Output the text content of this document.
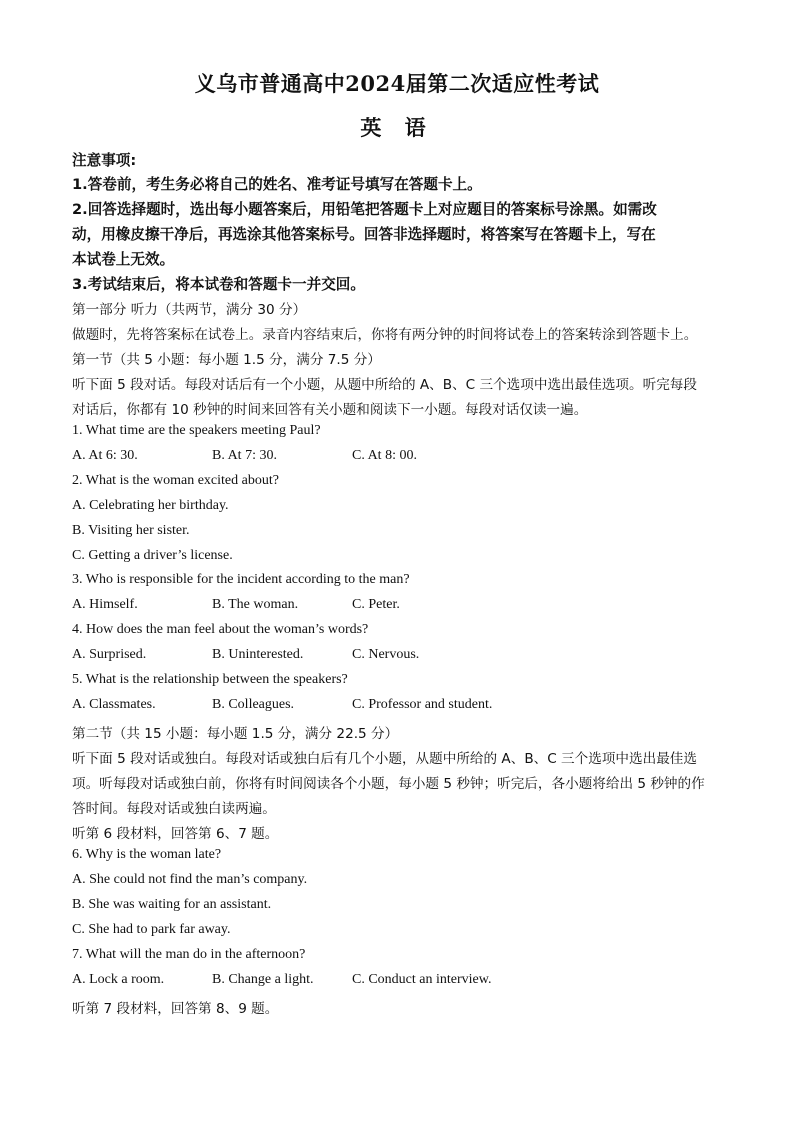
义乌市普通高中2024届第二次适应性考试
英 语
注意事项:
1.答卷前，考生务必将自己的姓名、准考证号填写在答题卡上。
2.回答选择题时，选出每小题答案后，用铅笔把答题卡上对应题目的答案标号涂黑。如需改
动，用橡皮擦干净后，再选涂其他答案标号。回答非选择题时，将答案写在答题卡上，写在
本试卷上无效。
3.考试结束后，将本试卷和答题卡一并交回。
第一部分 听力（共两节，满分 30 分）
做题时，先将答案标在试卷上。录音内容结束后，你将有两分钟的时间将试卷上的答案转涂到答题卡上。
第一节（共 5 小题：每小题 1.5 分，满分 7.5 分）
听下面 5 段对话。每段对话后有一个小题，从题中所给的 A、B、C 三个选项中选出最佳选项。听完每段
对话后，你都有 10 秒钟的时间来回答有关小题和阅读下一小题。每段对话仅读一遍。
1. What time are the speakers meeting Paul?
A. At 6: 30.	B. At 7: 30.	C. At 8: 00.
2. What is the woman excited about?
A. Celebrating her birthday.
B. Visiting her sister.
C. Getting a driver’s license.
3. Who is responsible for the incident according to the man?
A. Himself.	B. The woman.	C. Peter.
4. How does the man feel about the woman’s words?
A. Surprised.	B. Uninterested.	C. Nervous.
5. What is the relationship between the speakers?
A. Classmates.	B. Colleagues.	C. Professor and student.
第二节（共 15 小题：每小题 1.5 分，满分 22.5 分）
听下面 5 段对话或独白。每段对话或独白后有几个小题，从题中所给的 A、B、C 三个选项中选出最佳选
项。听每段对话或独白前，你将有时间阅读各个小题，每小题 5 秒钟；听完后，各小题将给出 5 秒钟的作
答时间。每段对话或独白读两遍。
听第 6 段材料，回答第 6、7 题。
6. Why is the woman late?
A. She could not find the man’s company.
B. She was waiting for an assistant.
C. She had to park far away.
7. What will the man do in the afternoon?
A. Lock a room.	B. Change a light.	C. Conduct an interview.
听第 7 段材料，回答第 8、9 题。
